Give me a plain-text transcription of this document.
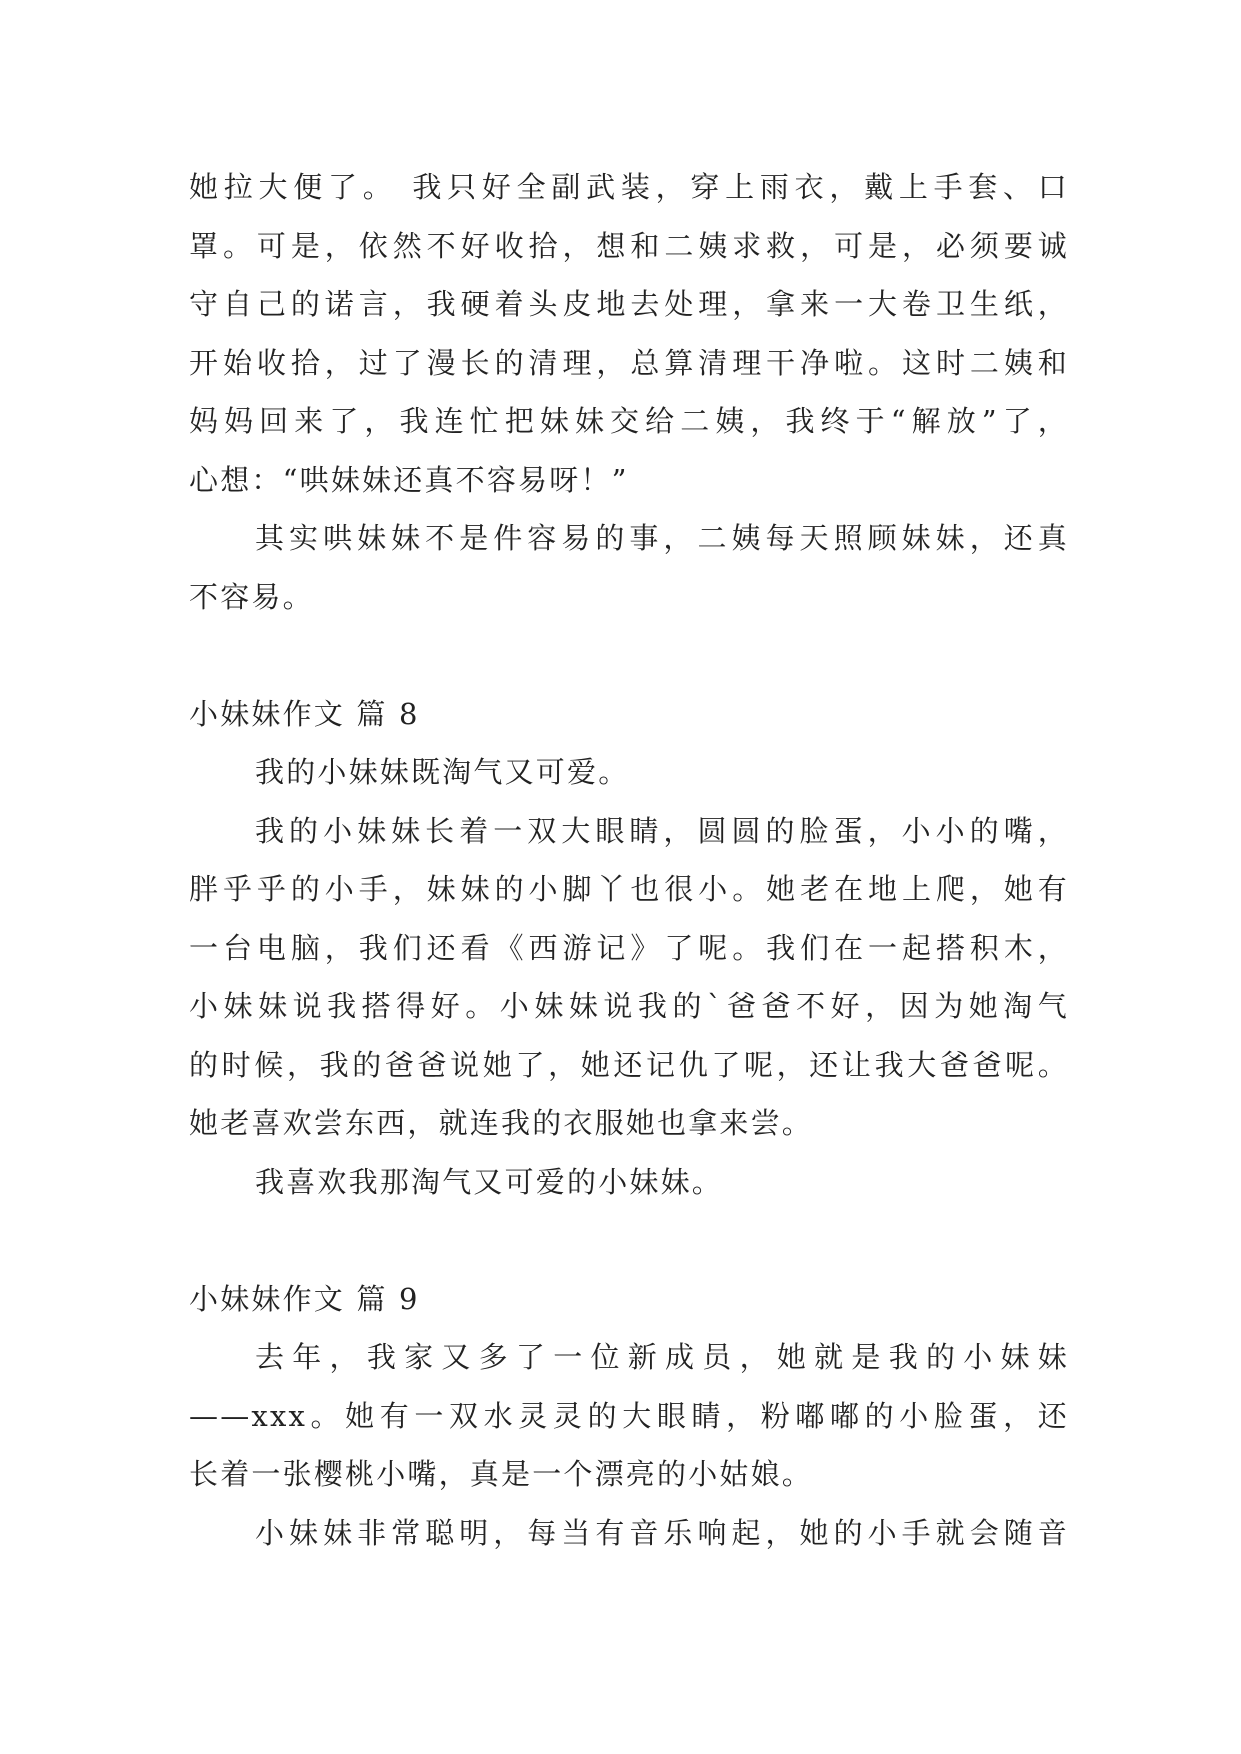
她拉大便了。 我只好全副武装，穿上雨衣，戴上手套、口
罩。可是，依然不好收拾，想和二姨求救，可是，必须要诚
守自己的诺言，我硬着头皮地去处理，拿来一大卷卫生纸，
开始收拾，过了漫长的清理，总算清理干净啦。这时二姨和
妈妈回来了，我连忙把妹妹交给二姨，我终于“解放”了，
心想：“哄妹妹还真不容易呀！”
其实哄妹妹不是件容易的事，二姨每天照顾妹妹，还真
不容易。
小妹妹作文 篇 8
我的小妹妹既淘气又可爱。
我的小妹妹长着一双大眼睛，圆圆的脸蛋，小小的嘴，
胖乎乎的小手，妹妹的小脚丫也很小。她老在地上爬，她有
一台电脑，我们还看《西游记》了呢。我们在一起搭积木，
小妹妹说我搭得好。小妹妹说我的`爸爸不好，因为她淘气
的时候，我的爸爸说她了，她还记仇了呢，还让我大爸爸呢。
她老喜欢尝东西，就连我的衣服她也拿来尝。
我喜欢我那淘气又可爱的小妹妹。
小妹妹作文 篇 9
去年，我家又多了一位新成员，她就是我的小妹妹
——xxx。她有一双水灵灵的大眼睛，粉嘟嘟的小脸蛋，还
长着一张樱桃小嘴，真是一个漂亮的小姑娘。
小妹妹非常聪明，每当有音乐响起，她的小手就会随音
